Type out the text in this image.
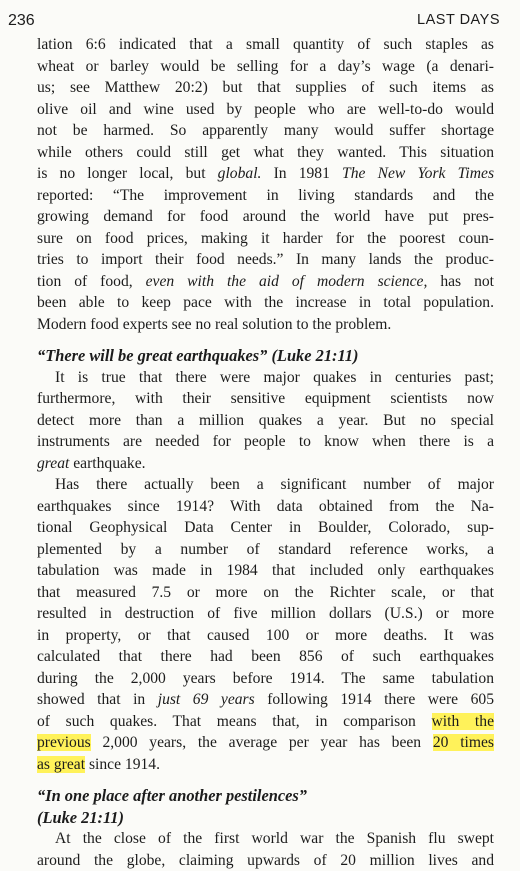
236	LAST DAYS
lation 6:6 indicated that a small quantity of such staples as
wheat or barley would be selling for a day’s wage (a denari-
us; see Matthew 20:2) but that supplies of such items as
olive oil and wine used by people who are well-to-do would
not be harmed. So apparently many would suffer shortage
while others could still get what they wanted. This situation
is no longer local, but global. In 1981 The New York Times
reported: “The improvement in living standards and the
growing demand for food around the world have put pres-
sure on food prices, making it harder for the poorest coun-
tries to import their food needs.” In many lands the produc-
tion of food, even with the aid of modern science, has not
been able to keep pace with the increase in total population.
Modern food experts see no real solution to the problem.
“There will be great earthquakes” (Luke 21:11)
It is true that there were major quakes in centuries past;
furthermore, with their sensitive equipment scientists now
detect more than a million quakes a year. But no special
instruments are needed for people to know when there is a
great earthquake.
Has there actually been a significant number of major
earthquakes since 1914? With data obtained from the Na-
tional Geophysical Data Center in Boulder, Colorado, sup-
plemented by a number of standard reference works, a
tabulation was made in 1984 that included only earthquakes
that measured 7.5 or more on the Richter scale, or that
resulted in destruction of five million dollars (U.S.) or more
in property, or that caused 100 or more deaths. It was
calculated that there had been 856 of such earthquakes
during the 2,000 years before 1914. The same tabulation
showed that in just 69 years following 1914 there were 605
of such quakes. That means that, in comparison with the
previous 2,000 years, the average per year has been 20 times
as great since 1914.
“In one place after another pestilences”
(Luke 21:11)
At the close of the first world war the Spanish flu swept
around the globe, claiming upwards of 20 million lives and
